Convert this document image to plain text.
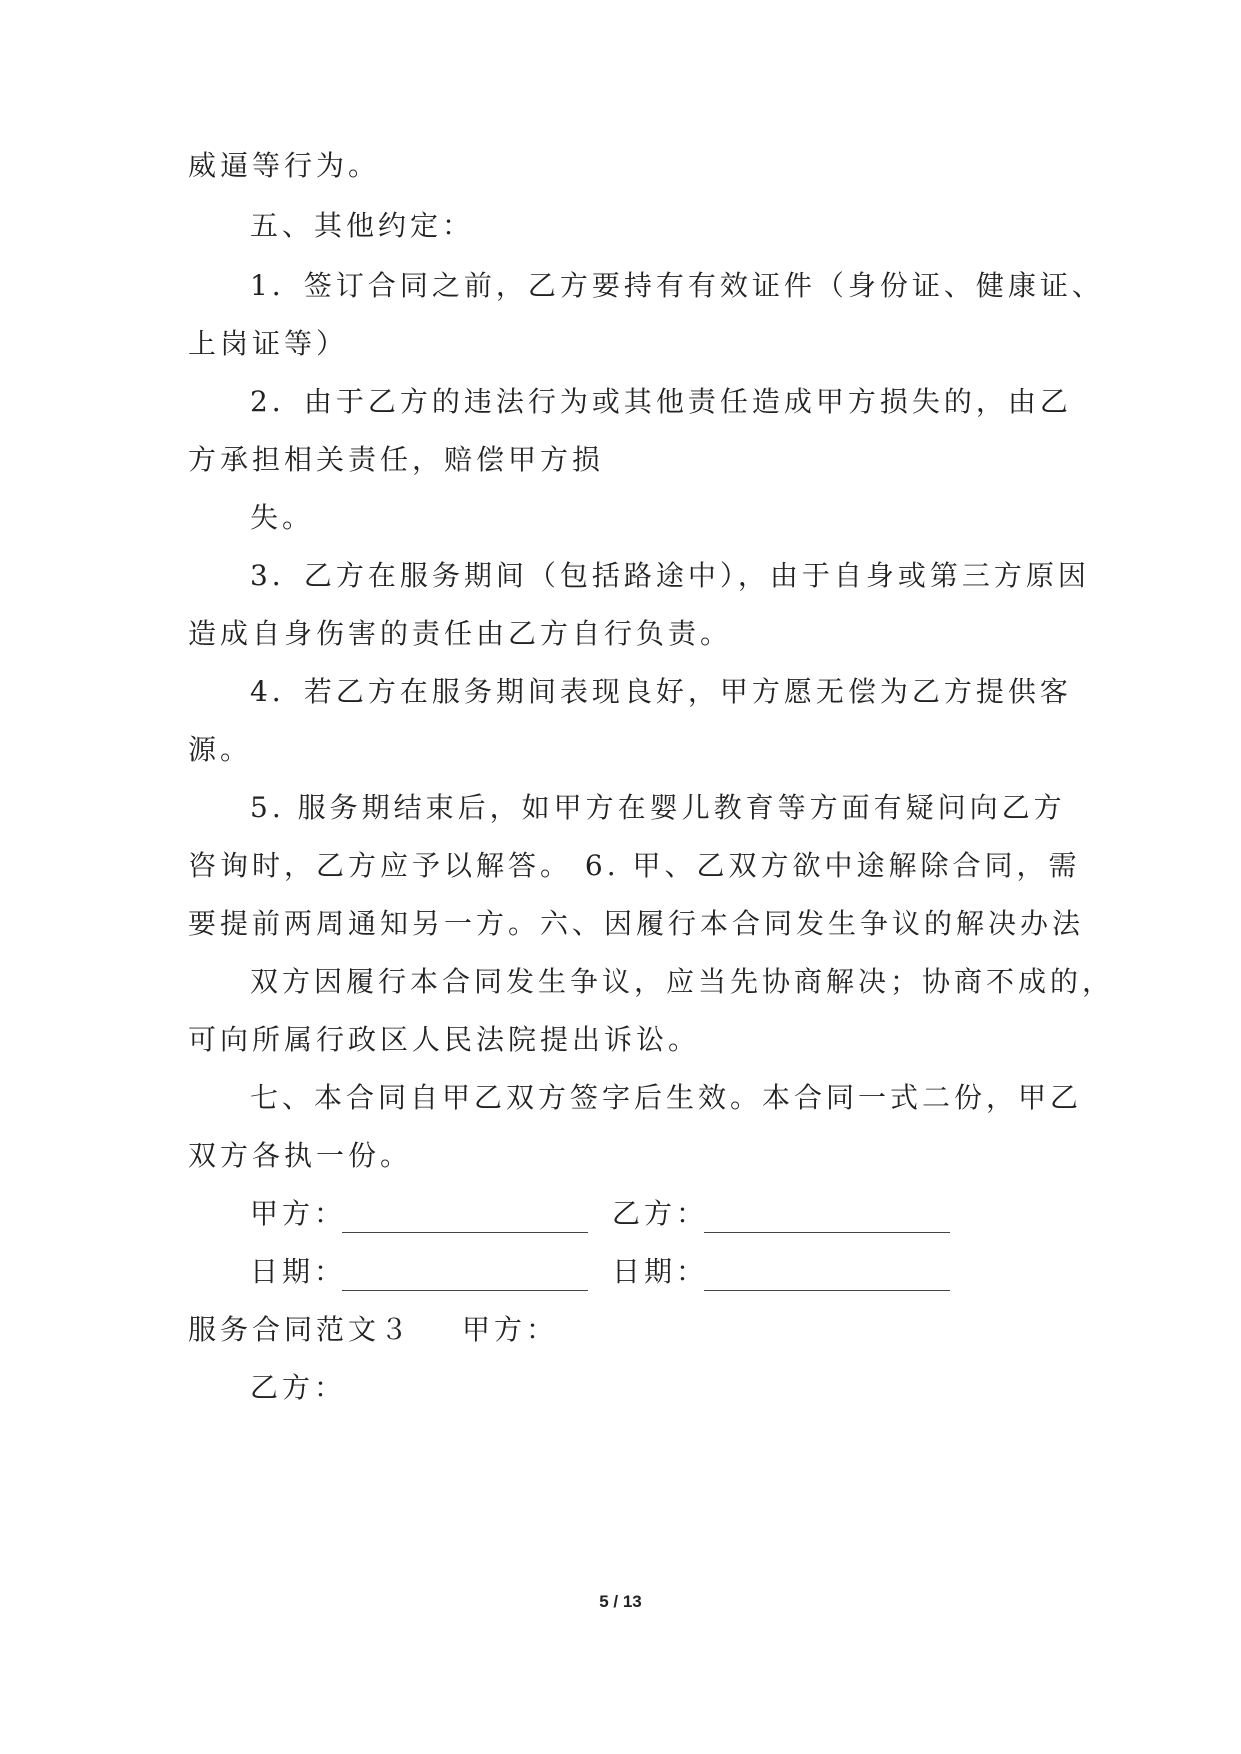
威逼等行为。
五、其他约定：
1．签订合同之前，乙方要持有有效证件（身份证、健康证、
上岗证等）
2．由于乙方的违法行为或其他责任造成甲方损失的，由乙
方承担相关责任，赔偿甲方损
失。
3．乙方在服务期间（包括路途中），由于自身或第三方原因
造成自身伤害的责任由乙方自行负责。
4．若乙方在服务期间表现良好，甲方愿无偿为乙方提供客
源。
5. 服务期结束后，如甲方在婴儿教育等方面有疑问向乙方
咨询时，乙方应予以解答。 6. 甲、乙双方欲中途解除合同，需
要提前两周通知另一方。六、因履行本合同发生争议的解决办法
双方因履行本合同发生争议，应当先协商解决；协商不成的，
可向所属行政区人民法院提出诉讼。
七、本合同自甲乙双方签字后生效。本合同一式二份，甲乙
双方各执一份。
甲方：	乙方：
日期：	日期：
服务合同范文３ 甲方：
乙方：
5 / 13
